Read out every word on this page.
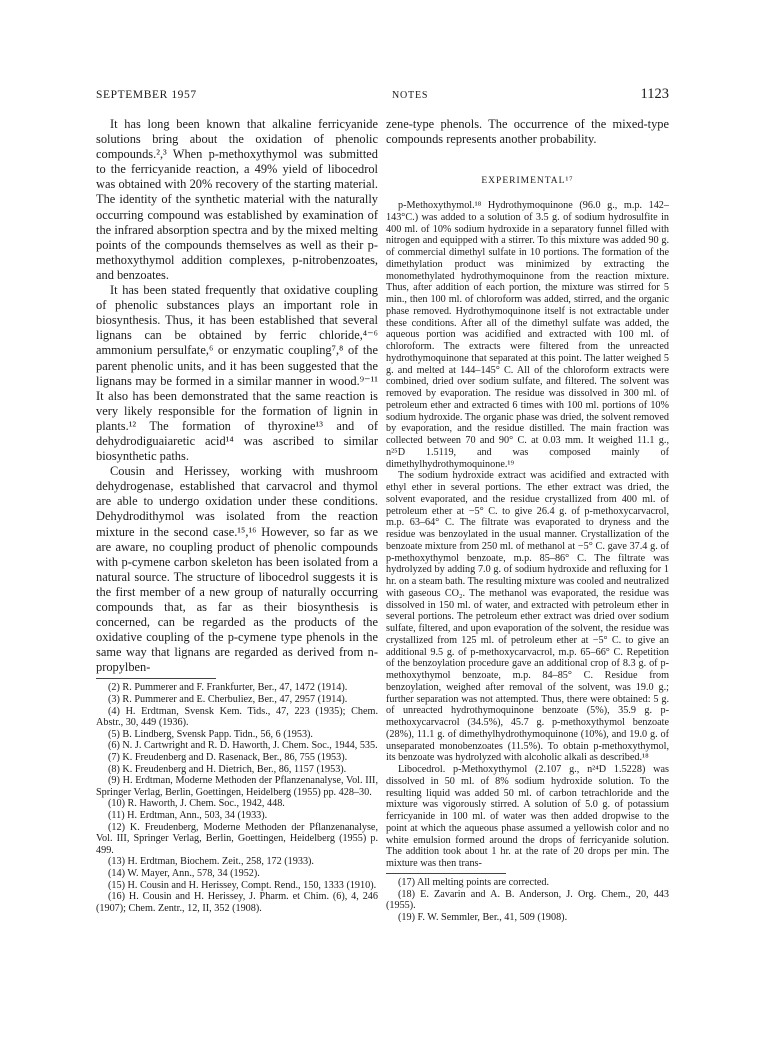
SEPTEMBER 1957	NOTES	1123

It has long been known that alkaline ferricyanide solutions bring about the oxidation of phenolic compounds.²,³ When p-methoxythymol was submitted to the ferricyanide reaction, a 49% yield of libocedrol was obtained with 20% recovery of the starting material. The identity of the synthetic material with the naturally occurring compound was established by examination of the infrared absorption spectra and by the mixed melting points of the compounds themselves as well as their p-methoxythymol addition complexes, p-nitrobenzoates, and benzoates.

It has been stated frequently that oxidative coupling of phenolic substances plays an important role in biosynthesis. Thus, it has been established that several lignans can be obtained by ferric chloride,⁴⁻⁶ ammonium persulfate,⁶ or enzymatic coupling⁷,⁸ of the parent phenolic units, and it has been suggested that the lignans may be formed in a similar manner in wood.⁹⁻¹¹ It also has been demonstrated that the same reaction is very likely responsible for the formation of lignin in plants.¹² The formation of thyroxine¹³ and of dehydrodiguaiaretic acid¹⁴ was ascribed to similar biosynthetic paths.

Cousin and Herissey, working with mushroom dehydrogenase, established that carvacrol and thymol are able to undergo oxidation under these conditions. Dehydrodithymol was isolated from the reaction mixture in the second case.¹⁵,¹⁶ However, so far as we are aware, no coupling product of phenolic compounds with p-cymene carbon skeleton has been isolated from a natural source. The structure of libocedrol suggests it is the first member of a new group of naturally occurring compounds that, as far as their biosynthesis is concerned, can be regarded as the products of the oxidative coupling of the p-cymene type phenols in the same way that lignans are regarded as derived from n-propylben-

(2) R. Pummerer and F. Frankfurter, Ber., 47, 1472 (1914).
(3) R. Pummerer and E. Cherbuliez, Ber., 47, 2957 (1914).
(4) H. Erdtman, Svensk Kem. Tids., 47, 223 (1935); Chem. Abstr., 30, 449 (1936).
(5) B. Lindberg, Svensk Papp. Tidn., 56, 6 (1953).
(6) N. J. Cartwright and R. D. Haworth, J. Chem. Soc., 1944, 535.
(7) K. Freudenberg and D. Rasenack, Ber., 86, 755 (1953).
(8) K. Freudenberg and H. Dietrich, Ber., 86, 1157 (1953).
(9) H. Erdtman, Moderne Methoden der Pflanzenanalyse, Vol. III, Springer Verlag, Berlin, Goettingen, Heidelberg (1955) pp. 428–30.
(10) R. Haworth, J. Chem. Soc., 1942, 448.
(11) H. Erdtman, Ann., 503, 34 (1933).
(12) K. Freudenberg, Moderne Methoden der Pflanzenanalyse, Vol. III, Springer Verlag, Berlin, Goettingen, Heidelberg (1955) p. 499.
(13) H. Erdtman, Biochem. Zeit., 258, 172 (1933).
(14) W. Mayer, Ann., 578, 34 (1952).
(15) H. Cousin and H. Herissey, Compt. Rend., 150, 1333 (1910).
(16) H. Cousin and H. Herissey, J. Pharm. et Chim. (6), 4, 246 (1907); Chem. Zentr., 12, II, 352 (1908).

zene-type phenols. The occurrence of the mixed-type compounds represents another probability.

EXPERIMENTAL¹⁷

p-Methoxythymol.¹⁸ Hydrothymoquinone (96.0 g., m.p. 142–143°C.) was added to a solution of 3.5 g. of sodium hydrosulfite in 400 ml. of 10% sodium hydroxide in a separatory funnel filled with nitrogen and equipped with a stirrer. To this mixture was added 90 g. of commercial dimethyl sulfate in 10 portions. The formation of the dimethylation product was minimized by extracting the monomethylated hydrothymoquinone from the reaction mixture. Thus, after addition of each portion, the mixture was stirred for 5 min., then 100 ml. of chloroform was added, stirred, and the organic phase removed. Hydrothymoquinone itself is not extractable under these conditions. After all of the dimethyl sulfate was added, the aqueous portion was acidified and extracted with 100 ml. of chloroform. The extracts were filtered from the unreacted hydrothymoquinone that separated at this point. The latter weighed 5 g. and melted at 144–145° C. All of the chloroform extracts were combined, dried over sodium sulfate, and filtered. The solvent was removed by evaporation. The residue was dissolved in 300 ml. of petroleum ether and extracted 6 times with 100 ml. portions of 10% sodium hydroxide. The organic phase was dried, the solvent removed by evaporation, and the residue distilled. The main fraction was collected between 70 and 90° C. at 0.03 mm. It weighed 11.1 g., n²⁵D 1.5119, and was composed mainly of dimethylhydrothymoquinone.¹⁹

The sodium hydroxide extract was acidified and extracted with ethyl ether in several portions. The ether extract was dried, the solvent evaporated, and the residue crystallized from 400 ml. of petroleum ether at −5° C. to give 26.4 g. of p-methoxycarvacrol, m.p. 63–64° C. The filtrate was evaporated to dryness and the residue was benzoylated in the usual manner. Crystallization of the benzoate mixture from 250 ml. of methanol at −5° C. gave 37.4 g. of p-methoxythymol benzoate, m.p. 85–86° C. The filtrate was hydrolyzed by adding 7.0 g. of sodium hydroxide and refluxing for 1 hr. on a steam bath. The resulting mixture was cooled and neutralized with gaseous CO₂. The methanol was evaporated, the residue was dissolved in 150 ml. of water, and extracted with petroleum ether in several portions. The petroleum ether extract was dried over sodium sulfate, filtered, and upon evaporation of the solvent, the residue was crystallized from 125 ml. of petroleum ether at −5° C. to give an additional 9.5 g. of p-methoxycarvacrol, m.p. 65–66° C. Repetition of the benzoylation procedure gave an additional crop of 8.3 g. of p-methoxythymol benzoate, m.p. 84–85° C. Residue from benzoylation, weighed after removal of the solvent, was 19.0 g.; further separation was not attempted. Thus, there were obtained: 5 g. of unreacted hydrothymoquinone benzoate (5%), 35.9 g. p-methoxycarvacrol (34.5%), 45.7 g. p-methoxythymol benzoate (28%), 11.1 g. of dimethylhydrothymoquinone (10%), and 19.0 g. of unseparated monobenzoates (11.5%). To obtain p-methoxythymol, its benzoate was hydrolyzed with alcoholic alkali as described.¹⁸

Libocedrol. p-Methoxythymol (2.107 g., n²⁴D 1.5228) was dissolved in 50 ml. of 8% sodium hydroxide solution. To the resulting liquid was added 50 ml. of carbon tetrachloride and the mixture was vigorously stirred. A solution of 5.0 g. of potassium ferricyanide in 100 ml. of water was then added dropwise to the point at which the aqueous phase assumed a yellowish color and no white emulsion formed around the drops of ferricyanide solution. The addition took about 1 hr. at the rate of 20 drops per min. The mixture was then trans-

(17) All melting points are corrected.
(18) E. Zavarin and A. B. Anderson, J. Org. Chem., 20, 443 (1955).
(19) F. W. Semmler, Ber., 41, 509 (1908).
